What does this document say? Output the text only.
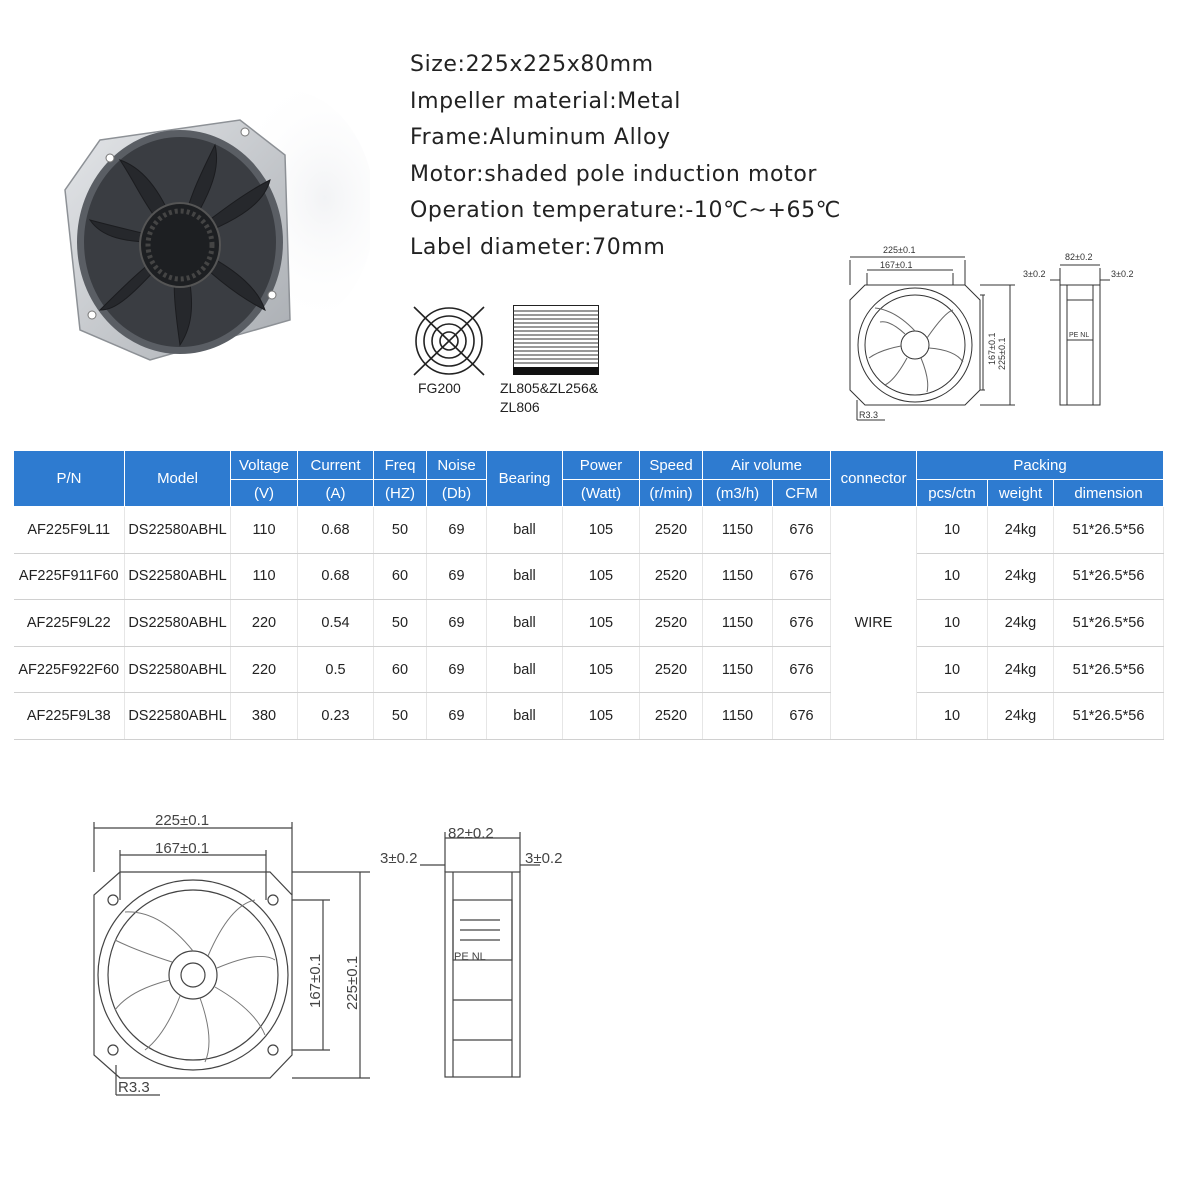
Size:225x225x80mm
Impeller material:Metal
Frame:Aluminum Alloy
Motor:shaded pole induction motor
Operation temperature:-10℃~+65℃
Label diameter:70mm
FG200	ZL805&ZL256&
ZL806
225±0.1
167±0.1
82±0.2
3±0.2	3±0.2
R3.3
PE NL
167±0.1 225±0.1
P/N	Model	Voltage	Current	Freq	Noise	Bearing	Power	Speed	Air volume		connector	Packing		
		(V)	(A)	(HZ)	(Db)		(Watt)	(r/min)	(m3/h)	CFM		pcs/ctn	weight	dimension
AF225F9L11	DS22580ABHL	110	0.68	50	69	ball	105	2520	1150	676	WIRE	10	24kg	51*26.5*56
AF225F911F60	DS22580ABHL	110	0.68	60	69	ball	105	2520	1150	676		10	24kg	51*26.5*56
AF225F9L22	DS22580ABHL	220	0.54	50	69	ball	105	2520	1150	676		10	24kg	51*26.5*56
AF225F922F60	DS22580ABHL	220	0.5	60	69	ball	105	2520	1150	676		10	24kg	51*26.5*56
AF225F9L38	DS22580ABHL	380	0.23	50	69	ball	105	2520	1150	676		10	24kg	51*26.5*56
225±0.1
167±0.1
82±0.2
3±0.2	3±0.2
R3.3
PE NL
167±0.1 225±0.1
